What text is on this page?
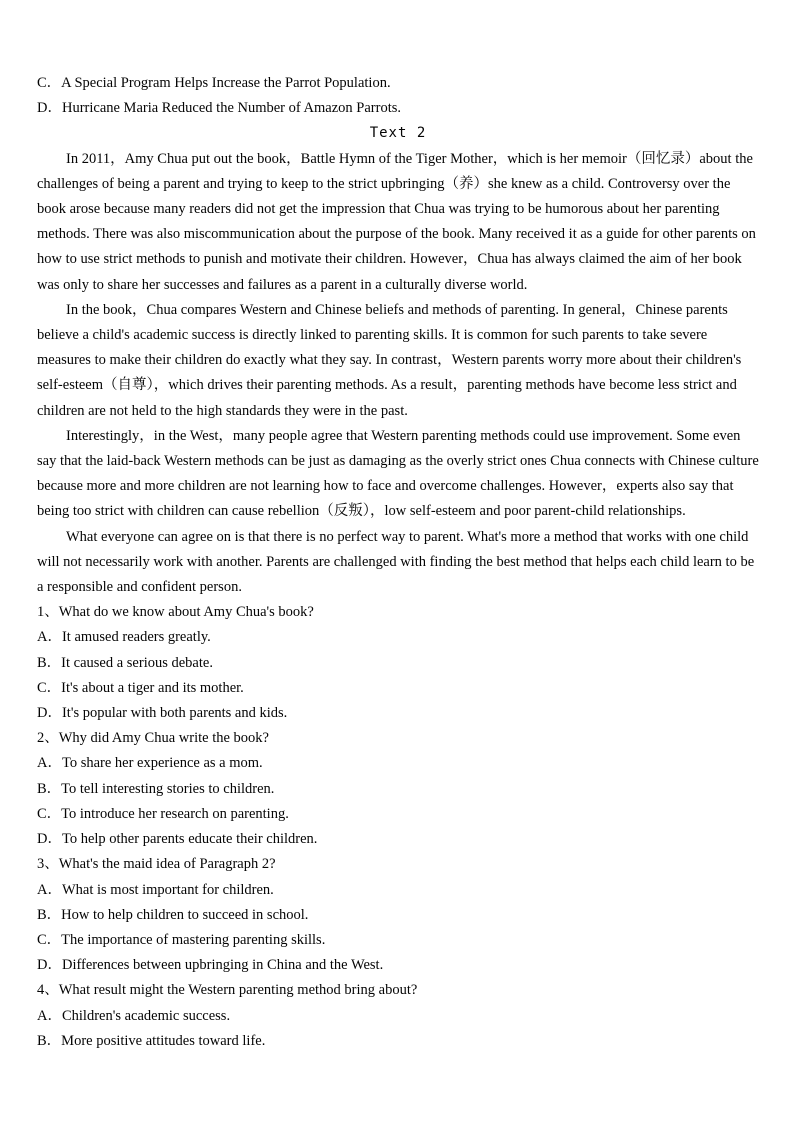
C．A Special Program Helps Increase the Parrot Population.
D．Hurricane Maria Reduced the Number of Amazon Parrots.
Text 2

In 2011，Amy Chua put out the book，Battle Hymn of the Tiger Mother，which is her memoir（回忆录）about the challenges of being a parent and trying to keep to the strict upbringing（养）she knew as a child. Controversy over the book arose because many readers did not get the impression that Chua was trying to be humorous about her parenting methods. There was also miscommunication about the purpose of the book. Many received it as a guide for other parents on how to use strict methods to punish and motivate their children. However，Chua has always claimed the aim of her book was only to share her successes and failures as a parent in a culturally diverse world.

In the book，Chua compares Western and Chinese beliefs and methods of parenting. In general，Chinese parents believe a child's academic success is directly linked to parenting skills. It is common for such parents to take severe measures to make their children do exactly what they say. In contrast，Western parents worry more about their children's self-esteem（自尊），which drives their parenting methods. As a result，parenting methods have become less strict and children are not held to the high standards they were in the past.

Interestingly，in the West，many people agree that Western parenting methods could use improvement. Some even say that the laid-back Western methods can be just as damaging as the overly strict ones Chua connects with Chinese culture because more and more children are not learning how to face and overcome challenges. However，experts also say that being too strict with children can cause rebellion（反叛），low self-esteem and poor parent-child relationships.

What everyone can agree on is that there is no perfect way to parent. What's more a method that works with one child will not necessarily work with another. Parents are challenged with finding the best method that helps each child learn to be a responsible and confident person.

1、What do we know about Amy Chua's book?
A．It amused readers greatly.
B．It caused a serious debate.
C．It's about a tiger and its mother.
D．It's popular with both parents and kids.
2、Why did Amy Chua write the book?
A．To share her experience as a mom.
B．To tell interesting stories to children.
C．To introduce her research on parenting.
D．To help other parents educate their children.
3、What's the maid idea of Paragraph 2?
A．What is most important for children.
B．How to help children to succeed in school.
C．The importance of mastering parenting skills.
D．Differences between upbringing in China and the West.
4、What result might the Western parenting method bring about?
A．Children's academic success.
B．More positive attitudes toward life.
